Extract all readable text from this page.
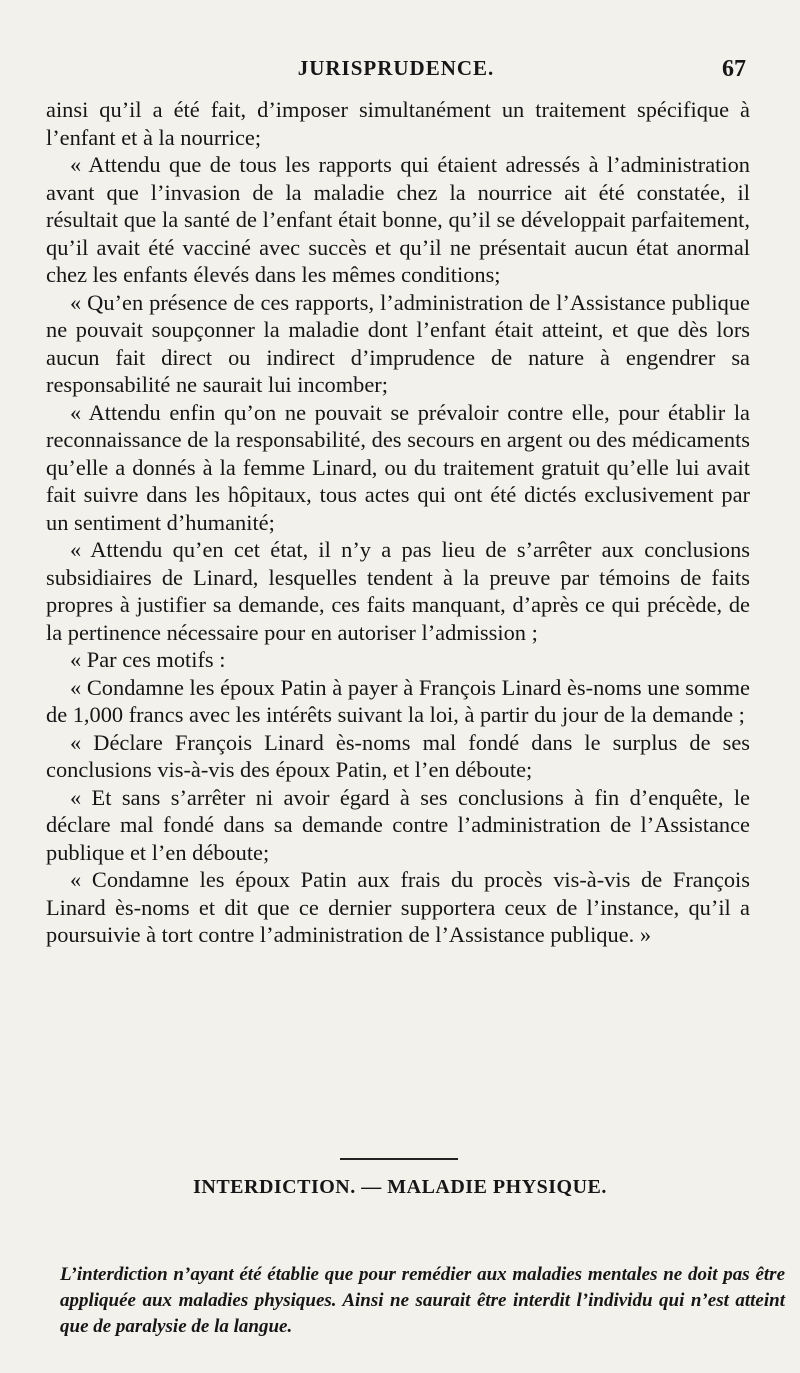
JURISPRUDENCE.	67

ainsi qu’il a été fait, d’imposer simultanément un traitement spécifique à l’enfant et à la nourrice;

« Attendu que de tous les rapports qui étaient adressés à l’administration avant que l’invasion de la maladie chez la nourrice ait été constatée, il résultait que la santé de l’enfant était bonne, qu’il se développait parfaitement, qu’il avait été vacciné avec succès et qu’il ne présentait aucun état anormal chez les enfants élevés dans les mêmes conditions;

« Qu’en présence de ces rapports, l’administration de l’Assistance publique ne pouvait soupçonner la maladie dont l’enfant était atteint, et que dès lors aucun fait direct ou indirect d’imprudence de nature à engendrer sa responsabilité ne saurait lui incomber;

« Attendu enfin qu’on ne pouvait se prévaloir contre elle, pour établir la reconnaissance de la responsabilité, des secours en argent ou des médicaments qu’elle a donnés à la femme Linard, ou du traitement gratuit qu’elle lui avait fait suivre dans les hôpitaux, tous actes qui ont été dictés exclusivement par un sentiment d’humanité;

« Attendu qu’en cet état, il n’y a pas lieu de s’arrêter aux conclusions subsidiaires de Linard, lesquelles tendent à la preuve par témoins de faits propres à justifier sa demande, ces faits manquant, d’après ce qui précède, de la pertinence nécessaire pour en autoriser l’admission ;

« Par ces motifs :

« Condamne les époux Patin à payer à François Linard ès-noms une somme de 1,000 francs avec les intérêts suivant la loi, à partir du jour de la demande ;

« Déclare François Linard ès-noms mal fondé dans le surplus de ses conclusions vis-à-vis des époux Patin, et l’en déboute;

« Et sans s’arrêter ni avoir égard à ses conclusions à fin d’enquête, le déclare mal fondé dans sa demande contre l’administration de l’Assistance publique et l’en déboute;

« Condamne les époux Patin aux frais du procès vis-à-vis de François Linard ès-noms et dit que ce dernier supportera ceux de l’instance, qu’il a poursuivie à tort contre l’administration de l’Assistance publique. »

INTERDICTION. — MALADIE PHYSIQUE.
L’interdiction n’ayant été établie que pour remédier aux maladies mentales ne doit pas être appliquée aux maladies physiques. Ainsi ne saurait être interdit l’individu qui n’est atteint que de paralysie de la langue.
